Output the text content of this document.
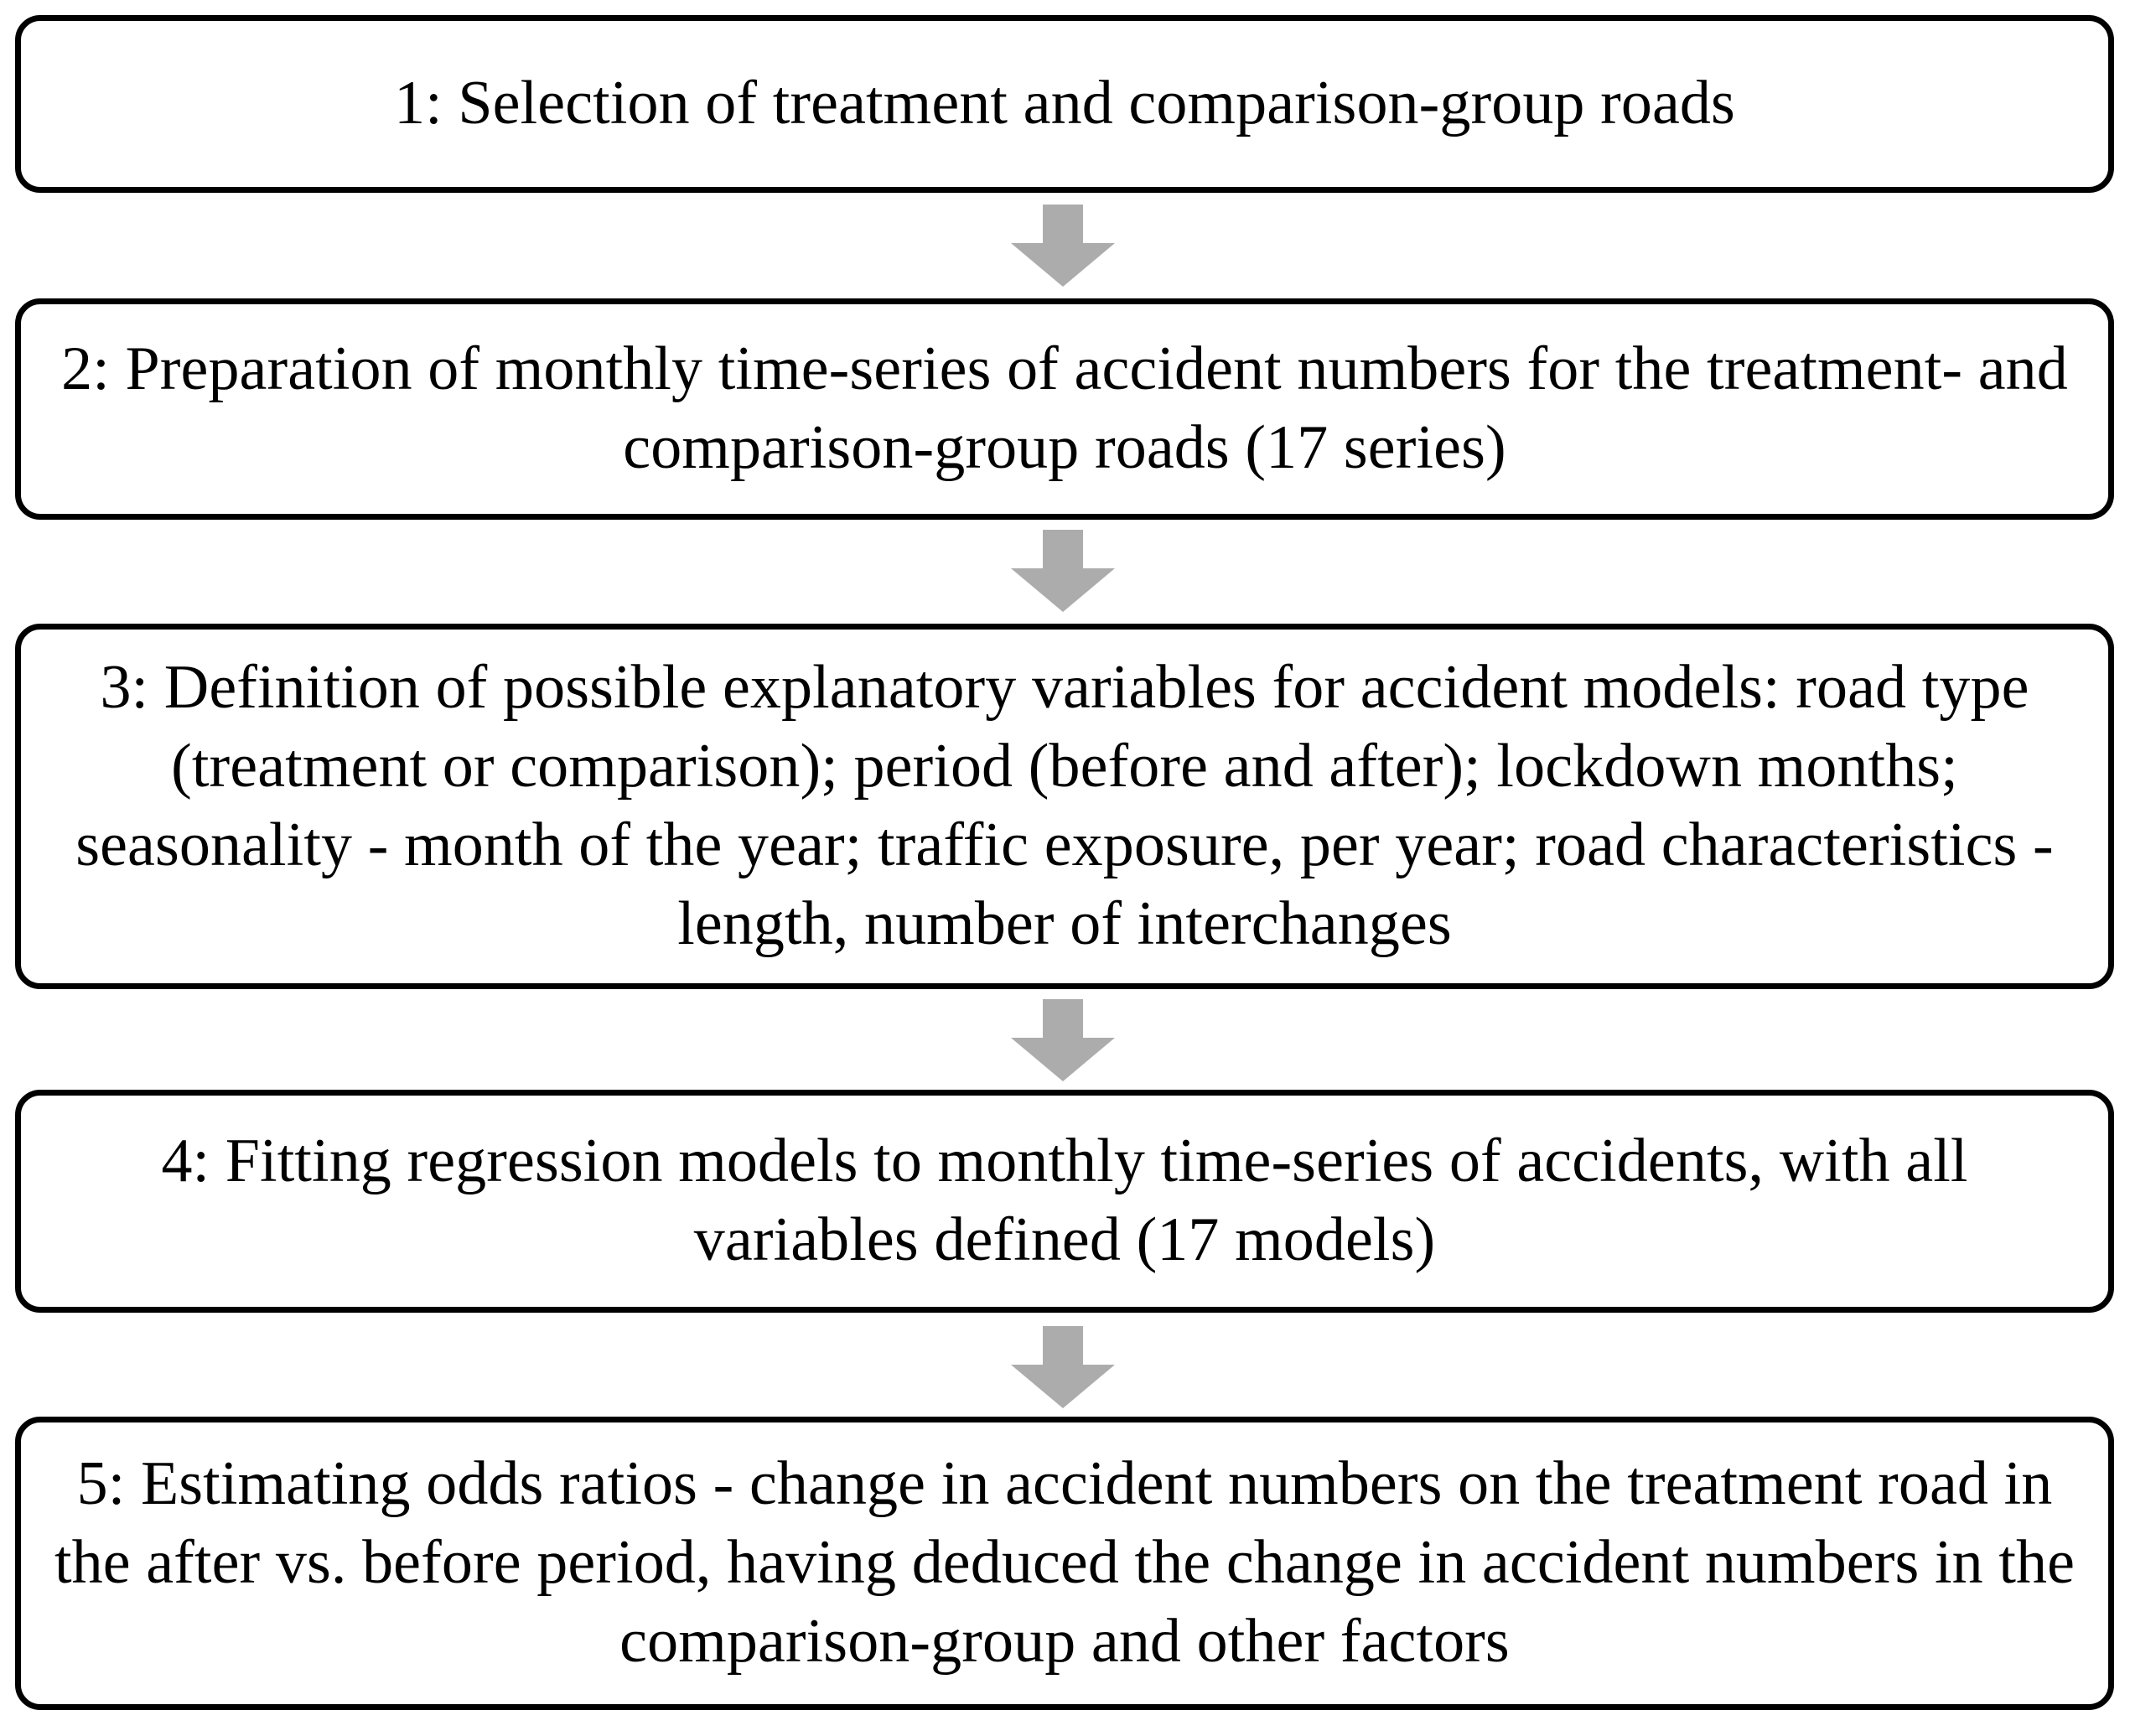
1: Selection of treatment and comparison-group roads
2: Preparation of monthly time-series of accident numbers for the treatment- and comparison-group roads (17 series)
3: Definition of possible explanatory variables for accident models: road type (treatment or comparison); period (before and after); lockdown months; seasonality - month of the year; traffic exposure, per year; road characteristics - length, number of interchanges
4: Fitting regression models to monthly time-series of accidents, with all variables defined (17 models)
5: Estimating odds ratios - change in accident numbers on the treatment road in the after vs. before period, having deduced the change in accident numbers in the comparison-group and other factors
